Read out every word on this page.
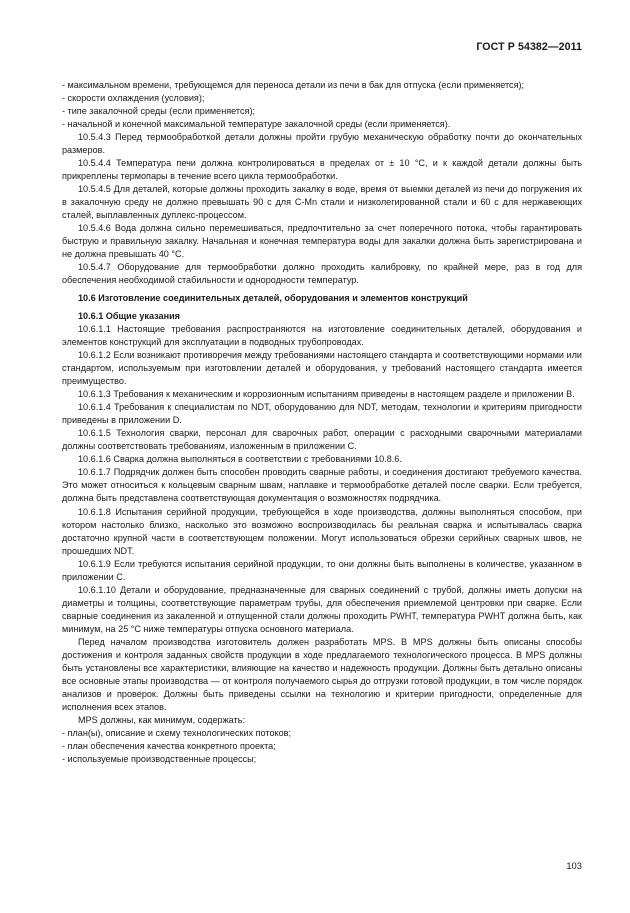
ГОСТ Р 54382—2011

- максимальном времени, требующемся для переноса детали из печи в бак для отпуска (если применяется);

- скорости охлаждения (условия);

- типе закалочной среды (если применяется);

- начальной и конечной максимальной температуре закалочной среды (если применяется).

10.5.4.3 Перед термообработкой детали должны пройти грубую механическую обработку почти до окончательных размеров.

10.5.4.4 Температура печи должна контролироваться в пределах от ± 10 °С, и к каждой детали должны быть прикреплены термопары в течение всего цикла термообработки.

10.5.4.5 Для деталей, которые должны проходить закалку в воде, время от выемки деталей из печи до погружения их в закалочную среду не должно превышать 90 с для C-Mn стали и низколегированной стали и 60 с для нержавеющих сталей, выплавленных дуплекс-процессом.

10.5.4.6 Вода должна сильно перемешиваться, предпочтительно за счет поперечного потока, чтобы гарантировать быструю и правильную закалку. Начальная и конечная температура воды для закалки должна быть зарегистрирована и не должна превышать 40 °С.

10.5.4.7 Оборудование для термообработки должно проходить калибровку, по крайней мере, раз в год для обеспечения необходимой стабильности и однородности температур.

10.6 Изготовление соединительных деталей, оборудования и элементов конструкций

10.6.1 Общие указания

10.6.1.1 Настоящие требования распространяются на изготовление соединительных деталей, оборудования и элементов конструкций для эксплуатации в подводных трубопроводах.

10.6.1.2 Если возникают противоречия между требованиями настоящего стандарта и соответствующими нормами или стандартом, используемым при изготовлении деталей и оборудования, у требований настоящего стандарта имеется преимущество.

10.6.1.3 Требования к механическим и коррозионным испытаниям приведены в настоящем разделе и приложении В.

10.6.1.4 Требования к специалистам по NDT, оборудованию для NDT, методам, технологии и критериям пригодности приведены в приложении D.

10.6.1.5 Технология сварки, персонал для сварочных работ, операции с расходными сварочными материалами должны соответствовать требованиям, изложенным в приложении С.

10.6.1.6 Сварка должна выполняться в соответствии с требованиями 10.8.6.

10.6.1.7 Подрядчик должен быть способен проводить сварные работы, и соединения достигают требуемого качества. Это может относиться к кольцевым сварным швам, наплавке и термообработке деталей после сварки. Если требуется, должна быть представлена соответствующая документация о возможностях подрядчика.

10.6.1.8 Испытания серийной продукции, требующейся в ходе производства, должны выполняться способом, при котором настолько близко, насколько это возможно воспроизводилась бы реальная сварка и испытывалась сварка достаточно крупной части в соответствующем положении. Могут использоваться обрезки серийных сварных швов, не прошедших NDT.

10.6.1.9 Если требуются испытания серийной продукции, то они должны быть выполнены в количестве, указанном в приложении С.

10.6.1.10 Детали и оборудование, предназначенные для сварных соединений с трубой, должны иметь допуски на диаметры и толщины, соответствующие параметрам трубы, для обеспечения приемлемой центровки при сварке. Если сварные соединения из закаленной и отпущенной стали должны проходить PWHT, температура PWHT должна быть, как минимум, на 25 °С ниже температуры отпуска основного материала.

Перед началом производства изготовитель должен разработать MPS. В MPS должны быть описаны способы достижения и контроля заданных свойств продукции в ходе предлагаемого технологического процесса. В MPS должны быть установлены все характеристики, влияющие на качество и надежность продукции. Должны быть детально описаны все основные этапы производства — от контроля получаемого сырья до отгрузки готовой продукции, в том числе порядок анализов и проверок. Должны быть приведены ссылки на технологию и критерии пригодности, определенные для исполнения всех этапов.

MPS должны, как минимум, содержать:

- план(ы), описание и схему технологических потоков;

- план обеспечения качества конкретного проекта;

- используемые производственные процессы;

103
